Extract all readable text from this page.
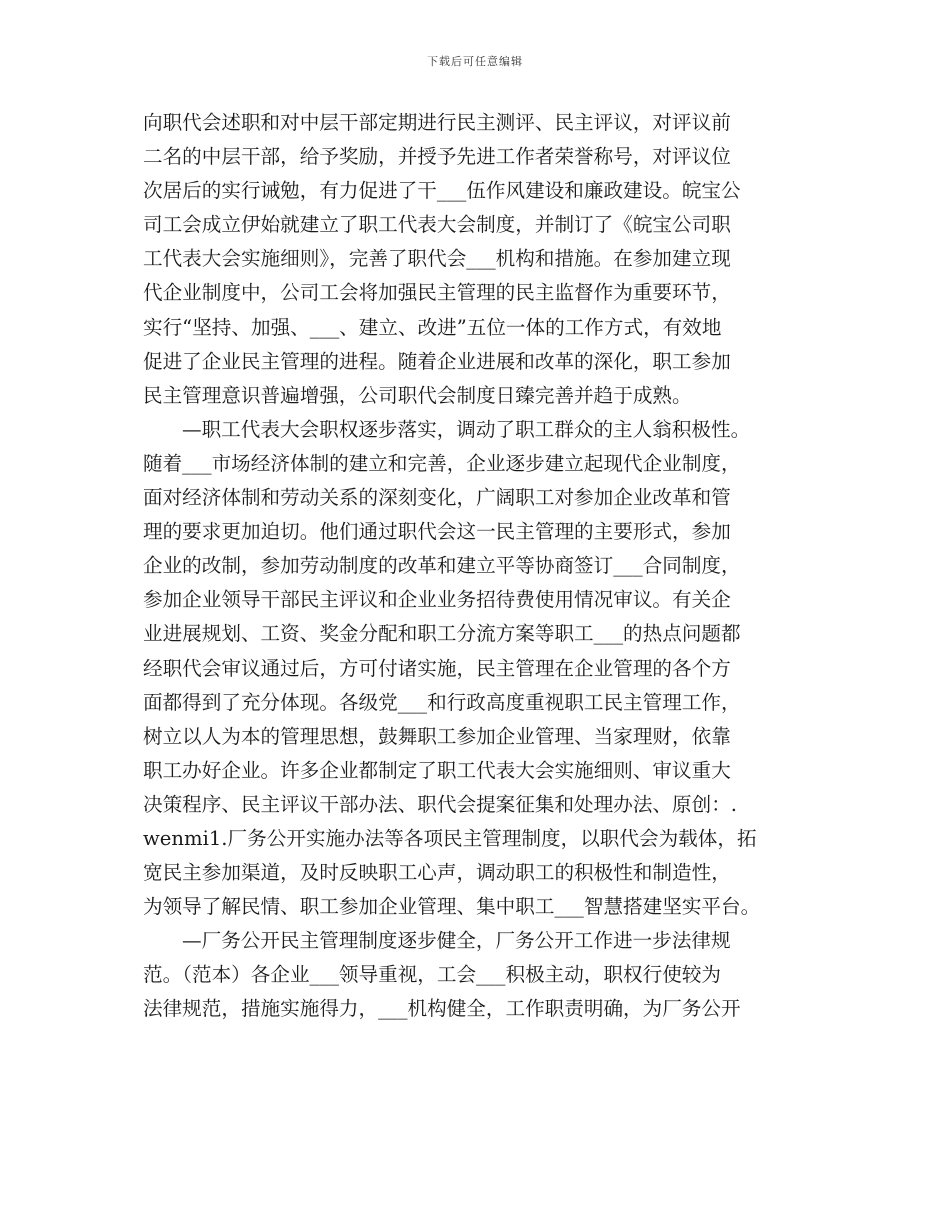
下载后可任意编辑
向职代会述职和对中层干部定期进行民主测评、民主评议，对评议前
二名的中层干部，给予奖励，并授予先进工作者荣誉称号，对评议位
次居后的实行诫勉，有力促进了干___伍作风建设和廉政建设。皖宝公
司工会成立伊始就建立了职工代表大会制度，并制订了《皖宝公司职
工代表大会实施细则》，完善了职代会___机构和措施。在参加建立现
代企业制度中，公司工会将加强民主管理的民主监督作为重要环节，
实行“坚持、加强、___、建立、改进”五位一体的工作方式，有效地
促进了企业民主管理的进程。随着企业进展和改革的深化，职工参加
民主管理意识普遍增强，公司职代会制度日臻完善并趋于成熟。
—职工代表大会职权逐步落实，调动了职工群众的主人翁积极性。
随着___市场经济体制的建立和完善，企业逐步建立起现代企业制度，
面对经济体制和劳动关系的深刻变化，广阔职工对参加企业改革和管
理的要求更加迫切。他们通过职代会这一民主管理的主要形式，参加
企业的改制，参加劳动制度的改革和建立平等协商签订___合同制度，
参加企业领导干部民主评议和企业业务招待费使用情况审议。有关企
业进展规划、工资、奖金分配和职工分流方案等职工___的热点问题都
经职代会审议通过后，方可付诸实施，民主管理在企业管理的各个方
面都得到了充分体现。各级党___和行政高度重视职工民主管理工作，
树立以人为本的管理思想，鼓舞职工参加企业管理、当家理财，依靠
职工办好企业。许多企业都制定了职工代表大会实施细则、审议重大
决策程序、民主评议干部办法、职代会提案征集和处理办法、原创：.
wenmi1.厂务公开实施办法等各项民主管理制度，以职代会为载体，拓
宽民主参加渠道，及时反映职工心声，调动职工的积极性和制造性，
为领导了解民情、职工参加企业管理、集中职工___智慧搭建坚实平台。
—厂务公开民主管理制度逐步健全，厂务公开工作进一步法律规
范。（范本）各企业___领导重视，工会___积极主动，职权行使较为
法律规范，措施实施得力，___机构健全，工作职责明确，为厂务公开
